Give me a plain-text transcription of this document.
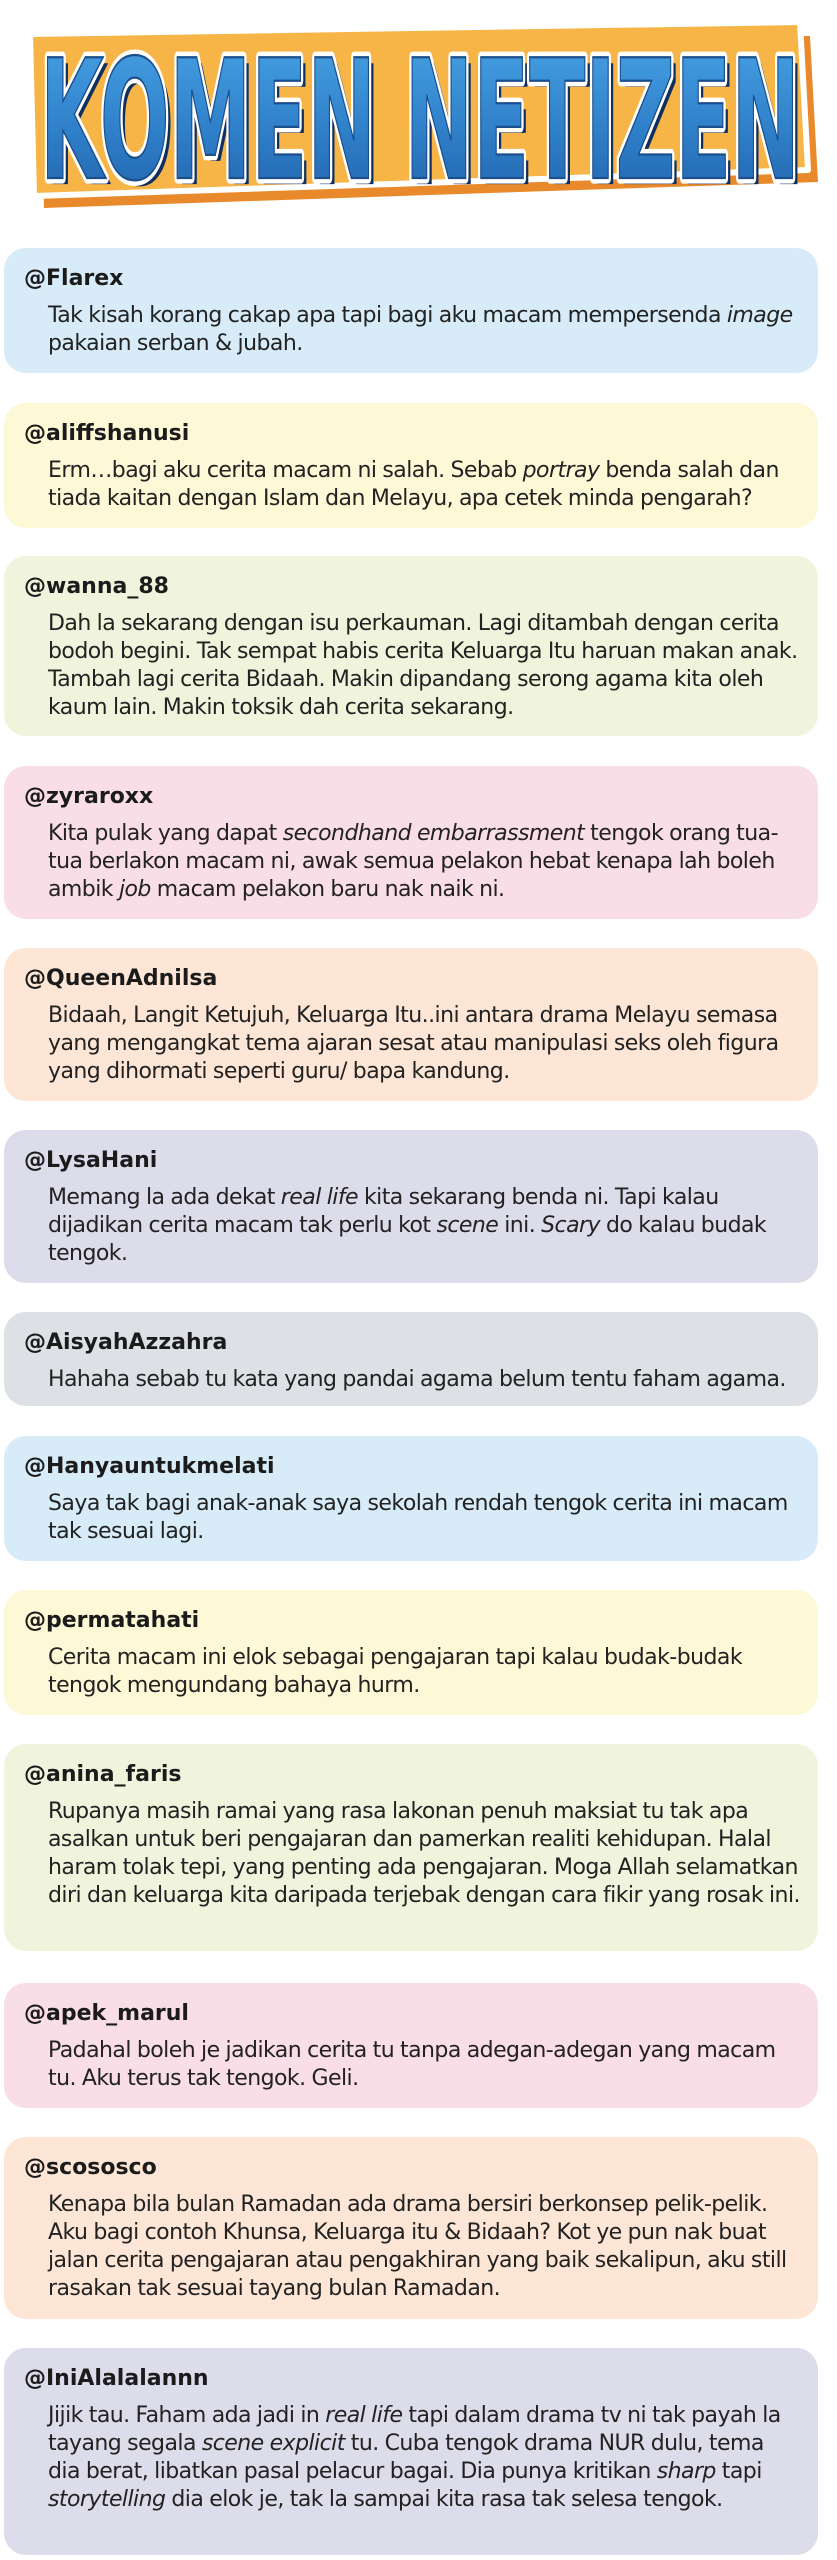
KOMEN NETIZEN
KOMEN NETIZEN
KOMEN NETIZEN
@Flarex
Tak kisah korang cakap apa tapi bagi aku macam mempersenda image pakaian serban & jubah.
@aliffshanusi
Erm…bagi aku cerita macam ni salah. Sebab portray benda salah dan tiada kaitan dengan Islam dan Melayu, apa cetek minda pengarah?
@wanna_88
Dah la sekarang dengan isu perkauman. Lagi ditambah dengan cerita bodoh begini. Tak sempat habis cerita Keluarga Itu haruan makan anak. Tambah lagi cerita Bidaah. Makin dipandang serong agama kita oleh kaum lain. Makin toksik dah cerita sekarang.
@zyraroxx
Kita pulak yang dapat secondhand embarrassment tengok orang tua-tua berlakon macam ni, awak semua pelakon hebat kenapa lah boleh ambik job macam pelakon baru nak naik ni.
@QueenAdnilsa
Bidaah, Langit Ketujuh, Keluarga Itu..ini antara drama Melayu semasa yang mengangkat tema ajaran sesat atau manipulasi seks oleh figura yang dihormati seperti guru/ bapa kandung.
@LysaHani
Memang la ada dekat real life kita sekarang benda ni. Tapi kalau dijadikan cerita macam tak perlu kot scene ini. Scary do kalau budak tengok.
@AisyahAzzahra
Hahaha sebab tu kata yang pandai agama belum tentu faham agama.
@Hanyauntukmelati
Saya tak bagi anak-anak saya sekolah rendah tengok cerita ini macam tak sesuai lagi.
@permatahati
Cerita macam ini elok sebagai pengajaran tapi kalau budak-budak tengok mengundang bahaya hurm.
@anina_faris
Rupanya masih ramai yang rasa lakonan penuh maksiat tu tak apa asalkan untuk beri pengajaran dan pamerkan realiti kehidupan. Halal haram tolak tepi, yang penting ada pengajaran. Moga Allah selamatkan diri dan keluarga kita daripada terjebak dengan cara fikir yang rosak ini.
@apek_marul
Padahal boleh je jadikan cerita tu tanpa adegan-adegan yang macam tu. Aku terus tak tengok. Geli.
@scososco
Kenapa bila bulan Ramadan ada drama bersiri berkonsep pelik-pelik. Aku bagi contoh Khunsa, Keluarga itu & Bidaah? Kot ye pun nak buat jalan cerita pengajaran atau pengakhiran yang baik sekalipun, aku still rasakan tak sesuai tayang bulan Ramadan.
@IniAlalalannn
Jijik tau. Faham ada jadi in real life tapi dalam drama tv ni tak payah la tayang segala scene explicit tu. Cuba tengok drama NUR dulu, tema dia berat, libatkan pasal pelacur bagai. Dia punya kritikan sharp tapi storytelling dia elok je, tak la sampai kita rasa tak selesa tengok.
